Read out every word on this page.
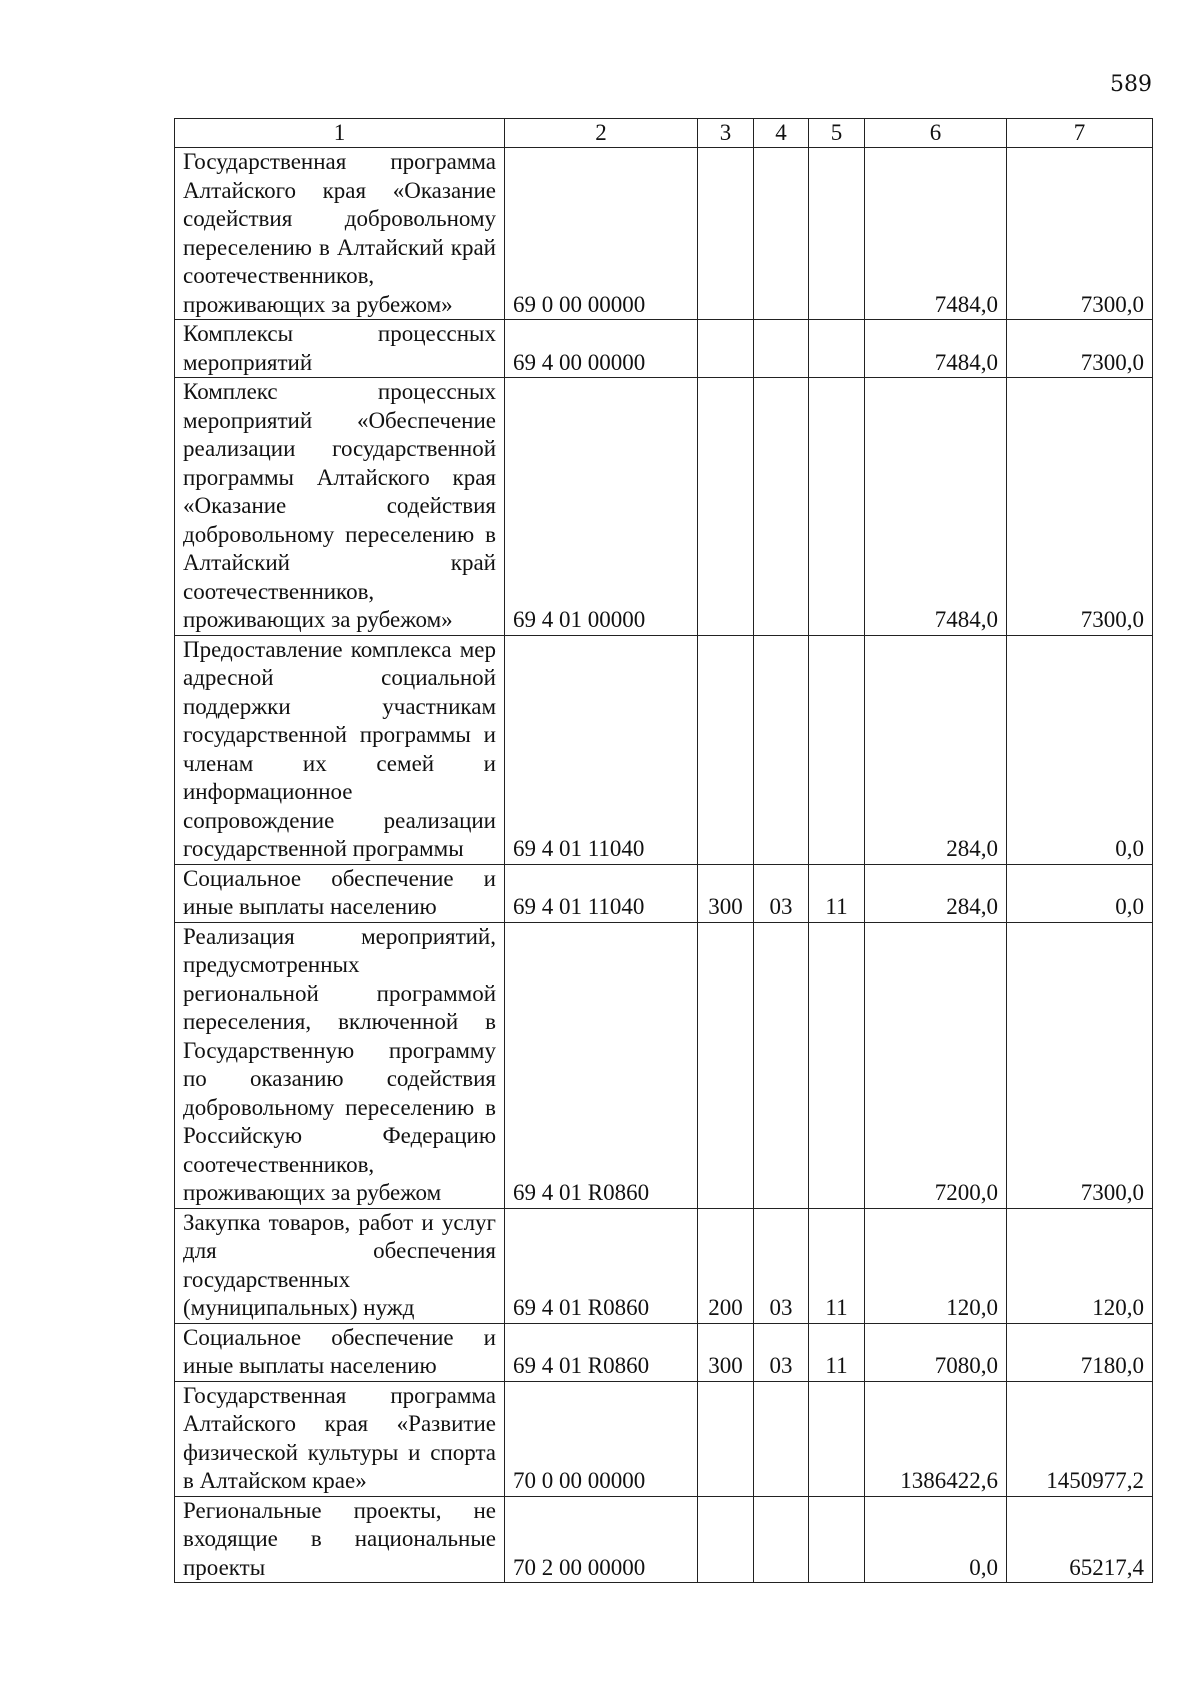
589
1	2	3	4	5	6	7
Государственная программа Алтайского края «Оказание содействия добровольному переселению в Алтайский край соотечественников, проживающих за рубежом»	69 0 00 00000				7484,0	7300,0
Комплексы процессных мероприятий	69 4 00 00000				7484,0	7300,0
Комплекс процессных мероприятий «Обеспечение реализации государственной программы Алтайского края «Оказание содействия добровольному переселению в Алтайский край соотечественников, проживающих за рубежом»	69 4 01 00000				7484,0	7300,0
Предоставление комплекса мер адресной социальной поддержки участникам государственной программы и членам их семей и информационное сопровождение реализации государственной программы	69 4 01 11040				284,0	0,0
Социальное обеспечение и иные выплаты населению	69 4 01 11040	300	03	11	284,0	0,0
Реализация мероприятий, предусмотренных региональной программой переселения, включенной в Государственную программу по оказанию содействия добровольному переселению в Российскую Федерацию соотечественников, проживающих за рубежом	69 4 01 R0860				7200,0	7300,0
Закупка товаров, работ и услуг для обеспечения государственных (муниципальных) нужд	69 4 01 R0860	200	03	11	120,0	120,0
Социальное обеспечение и иные выплаты населению	69 4 01 R0860	300	03	11	7080,0	7180,0
Государственная программа Алтайского края «Развитие физической культуры и спорта в Алтайском крае»	70 0 00 00000				1386422,6	1450977,2
Региональные проекты, не входящие в национальные проекты	70 2 00 00000				0,0	65217,4
